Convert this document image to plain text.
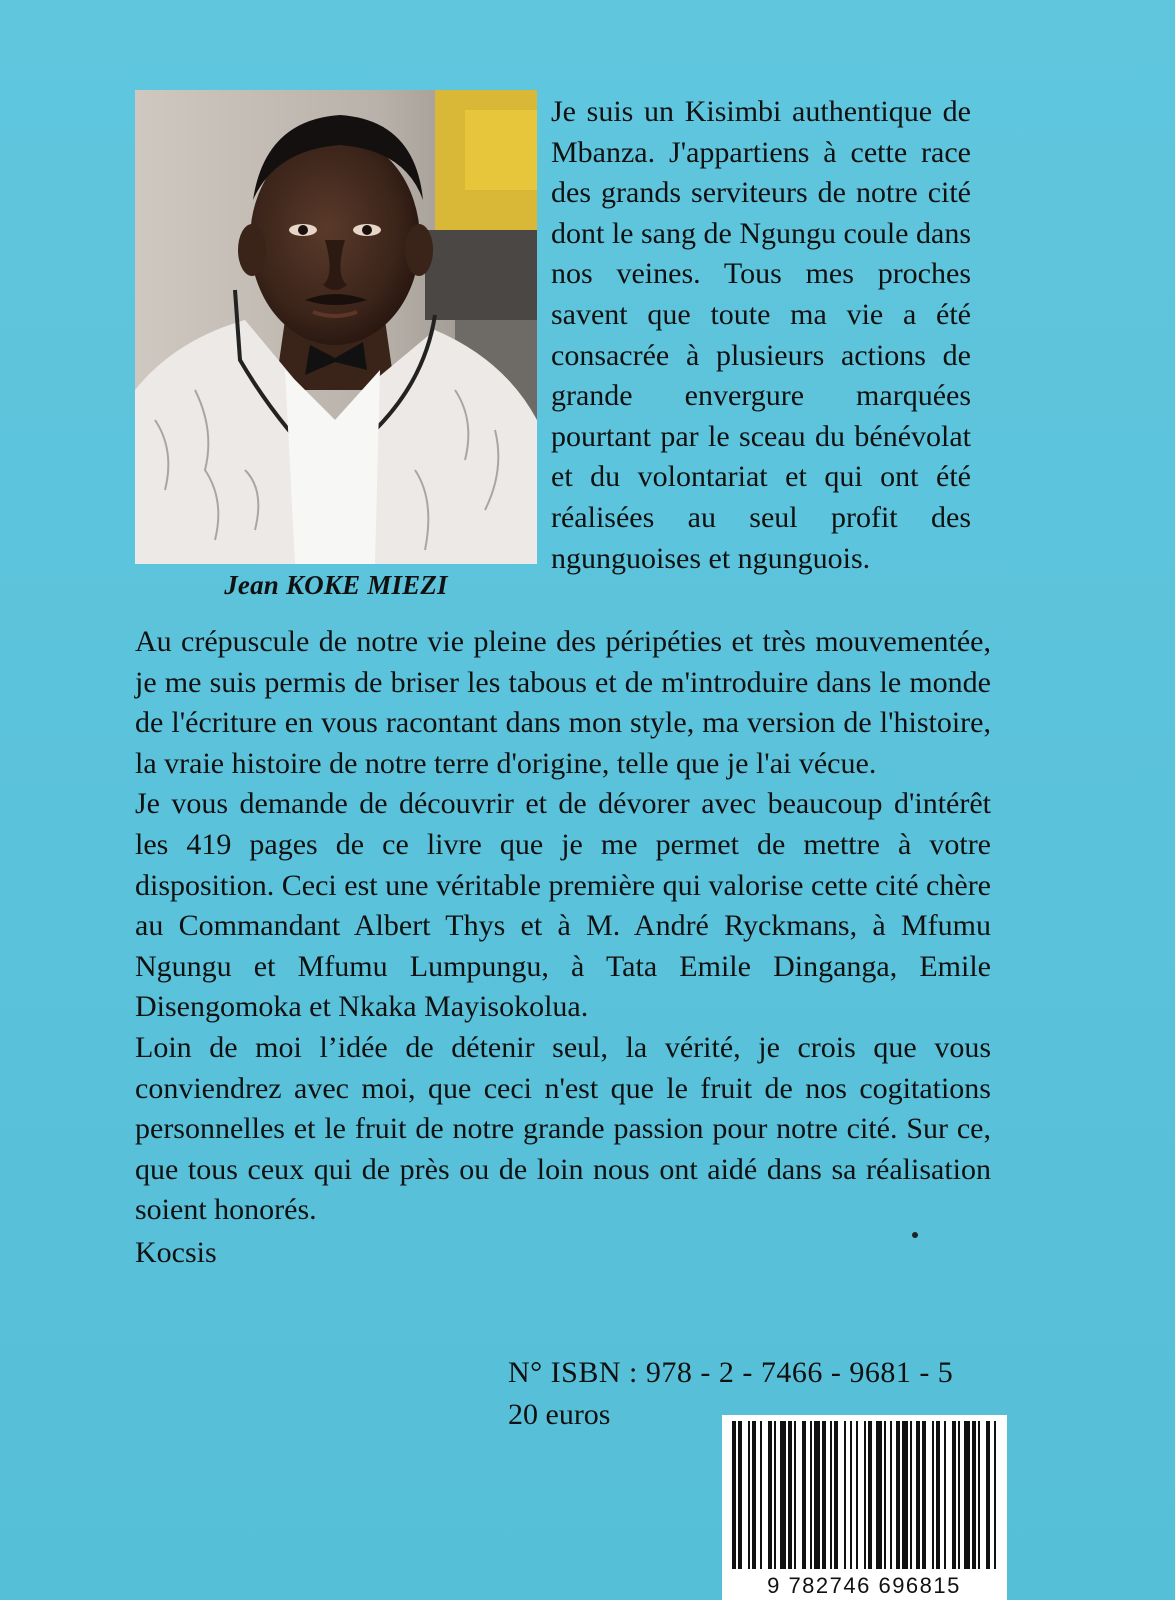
Jean KOKE MIEZI
Je suis un Kisimbi authentique de Mbanza. J'appartiens à cette race des grands serviteurs de notre cité dont le sang de Ngungu coule dans nos veines. Tous mes proches savent que toute ma vie a été consacrée à plusieurs actions de grande envergure marquées pourtant par le sceau du bénévolat et du volontariat et qui ont été réalisées au seul profit des ngunguoises et ngunguois.

Au crépuscule de notre vie pleine des péripéties et très mouvementée, je me suis permis de briser les tabous et de m'introduire dans le monde de l'écriture en vous racontant dans mon style, ma version de l'histoire, la vraie histoire de notre terre d'origine, telle que je l'ai vécue.

Je vous demande de découvrir et de dévorer avec beaucoup d'intérêt les 419 pages de ce livre que je me permet de mettre à votre disposition. Ceci est une véritable première qui valorise cette cité chère au Commandant Albert Thys et à M. André Ryckmans, à Mfumu Ngungu et Mfumu Lumpungu, à Tata Emile Dinganga, Emile Disengomoka et Nkaka Mayisokolua.

Loin de moi l’idée de détenir seul, la vérité, je crois que vous conviendrez avec moi, que ceci n'est que le fruit de nos cogitations personnelles et le fruit de notre grande passion pour notre cité. Sur ce, que tous ceux qui de près ou de loin nous ont aidé dans sa réalisation soient honorés.

Kocsis
N° ISBN : 978 - 2 - 7466 - 9681 - 5
20 euros
9 782746 696815
